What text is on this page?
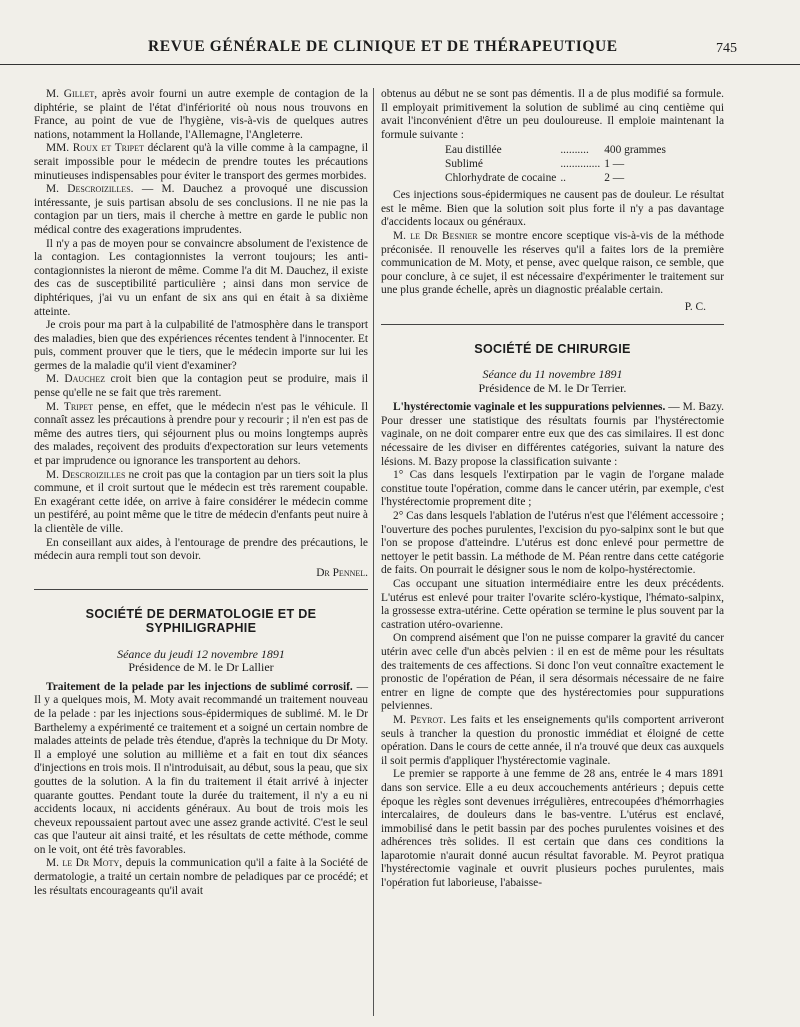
REVUE GÉNÉRALE DE CLINIQUE ET DE THÉRAPEUTIQUE	745

M. Gillet, après avoir fourni un autre exemple de contagion de la diphtérie, se plaint de l'état d'infériorité où nous nous trouvons en France, au point de vue de l'hygiène, vis-à-vis de quelques autres nations, notamment la Hollande, l'Allemagne, l'Angleterre.

MM. Roux et Tripet déclarent qu'à la ville comme à la campagne, il serait impossible pour le médecin de prendre toutes les précautions minutieuses indispensables pour éviter le transport des germes morbides.

M. Descroizilles. — M. Dauchez a provoqué une discussion intéressante, je suis partisan absolu de ses conclusions. Il ne nie pas la contagion par un tiers, mais il cherche à mettre en garde le public non médical contre des exagerations imprudentes.

Il n'y a pas de moyen pour se convaincre absolument de l'existence de la contagion. Les contagionnistes la verront toujours; les anti-contagionnistes la nieront de même. Comme l'a dit M. Dauchez, il existe des cas de susceptibilité particulière ; ainsi dans mon service de diphtériques, j'ai vu un enfant de six ans qui en était à sa dixième atteinte.

Je crois pour ma part à la culpabilité de l'atmosphère dans le transport des maladies, bien que des expériences récentes tendent à l'innocenter. Et puis, comment prouver que le tiers, que le médecin importe sur lui les germes de la maladie qu'il vient d'examiner?

M. Dauchez croit bien que la contagion peut se produire, mais il pense qu'elle ne se fait que très rarement.

M. Tripet pense, en effet, que le médecin n'est pas le véhicule. Il connaît assez les précautions à prendre pour y recourir ; il n'en est pas de même des autres tiers, qui séjournent plus ou moins longtemps auprès des malades, reçoivent des produits d'expectoration sur leurs vetements et par imprudence ou ignorance les transportent au dehors.

M. Descroizilles ne croit pas que la contagion par un tiers soit la plus commune, et il croit surtout que le médecin est très rarement coupable. En exagérant cette idée, on arrive à faire considérer le médecin comme un pestiféré, au point même que le titre de médecin d'enfants peut nuire à la clientèle de ville.

En conseillant aux aides, à l'entourage de prendre des précautions, le médecin aura rempli tout son devoir.

Dr Pennel.

SOCIÉTÉ DE DERMATOLOGIE ET DE SYPHILIGRAPHIE

Séance du jeudi 12 novembre 1891

Présidence de M. le Dr Lallier

Traitement de la pelade par les injections de sublimé corrosif. — Il y a quelques mois, M. Moty avait recommandé un traitement nouveau de la pelade : par les injections sous-épidermiques de sublimé. M. le Dr Barthelemy a expérimenté ce traitement et a soigné un certain nombre de malades atteints de pelade très étendue, d'après la technique du Dr Moty. Il a employé une solution au millième et a fait en tout dix séances d'injections en trois mois. Il n'introduisait, au début, sous la peau, que six gouttes de la solution. A la fin du traitement il était arrivé à injecter quarante gouttes. Pendant toute la durée du traitement, il n'y a eu ni accidents locaux, ni accidents généraux. Au bout de trois mois les cheveux repoussaient partout avec une assez grande activité. C'est le seul cas que l'auteur ait ainsi traité, et les résultats de cette méthode, comme on le voit, ont été très favorables.

M. le Dr Moty, depuis la communication qu'il a faite à la Société de dermatologie, a traité un certain nombre de peladiques par ce procédé; et les résultats encourageants qu'il avait

obtenus au début ne se sont pas démentis. Il a de plus modifié sa formule. Il employait primitivement la solution de sublimé au cinq centième qui avait l'inconvénient d'être un peu douloureuse. Il emploie maintenant la formule suivante :

Eau distillée	..........	400 grammes
Sublimé	..............	1 —
Chlorhydrate de cocaine	..	2 —

Ces injections sous-épidermiques ne causent pas de douleur. Le résultat est le même. Bien que la solution soit plus forte il n'y a pas davantage d'accidents locaux ou généraux.

M. le Dr Besnier se montre encore sceptique vis-à-vis de la méthode préconisée. Il renouvelle les réserves qu'il a faites lors de la première communication de M. Moty, et pense, avec quelque raison, ce semble, que pour conclure, à ce sujet, il est nécessaire d'expérimenter le traitement sur une plus grande échelle, après un diagnostic préalable certain.

P. C.

SOCIÉTÉ DE CHIRURGIE

Séance du 11 novembre 1891

Présidence de M. le Dr Terrier.

L'hystérectomie vaginale et les suppurations pelviennes. — M. Bazy. Pour dresser une statistique des résultats fournis par l'hystérectomie vaginale, on ne doit comparer entre eux que des cas similaires. Il est donc nécessaire de les diviser en différentes catégories, suivant la nature des lésions. M. Bazy propose la classification suivante :

1° Cas dans lesquels l'extirpation par le vagin de l'organe malade constitue toute l'opération, comme dans le cancer utérin, par exemple, c'est l'hystérectomie proprement dite ;

2° Cas dans lesquels l'ablation de l'utérus n'est que l'élément accessoire ; l'ouverture des poches purulentes, l'excision du pyo-salpinx sont le but que l'on se propose d'atteindre. L'utérus est donc enlevé pour permettre de nettoyer le petit bassin. La méthode de M. Péan rentre dans cette catégorie de faits. On pourrait le désigner sous le nom de kolpo-hystérectomie.

Cas occupant une situation intermédiaire entre les deux précédents. L'utérus est enlevé pour traiter l'ovarite scléro-kystique, l'hémato-salpinx, la grossesse extra-utérine. Cette opération se termine le plus souvent par la castration utéro-ovarienne.

On comprend aisément que l'on ne puisse comparer la gravité du cancer utérin avec celle d'un abcès pelvien : il en est de même pour les résultats des traitements de ces affections. Si donc l'on veut connaître exactement le pronostic de l'opération de Péan, il sera désormais nécessaire de ne faire entrer en ligne de compte que des hystérectomies pour suppurations pelviennes.

M. Peyrot. Les faits et les enseignements qu'ils comportent arriveront seuls à trancher la question du pronostic immédiat et éloigné de cette opération. Dans le cours de cette année, il n'a trouvé que deux cas auxquels il soit permis d'appliquer l'hystérectomie vaginale.

Le premier se rapporte à une femme de 28 ans, entrée le 4 mars 1891 dans son service. Elle a eu deux accouchements antérieurs ; depuis cette époque les règles sont devenues irrégulières, entrecoupées d'hémorrhagies intercalaires, de douleurs dans le bas-ventre. L'utérus est enclavé, immobilisé dans le petit bassin par des poches purulentes voisines et des adhérences très solides. Il est certain que dans ces conditions la laparotomie n'aurait donné aucun résultat favorable. M. Peyrot pratiqua l'hystérectomie vaginale et ouvrit plusieurs poches purulentes, mais l'opération fut laborieuse, l'abaisse-
